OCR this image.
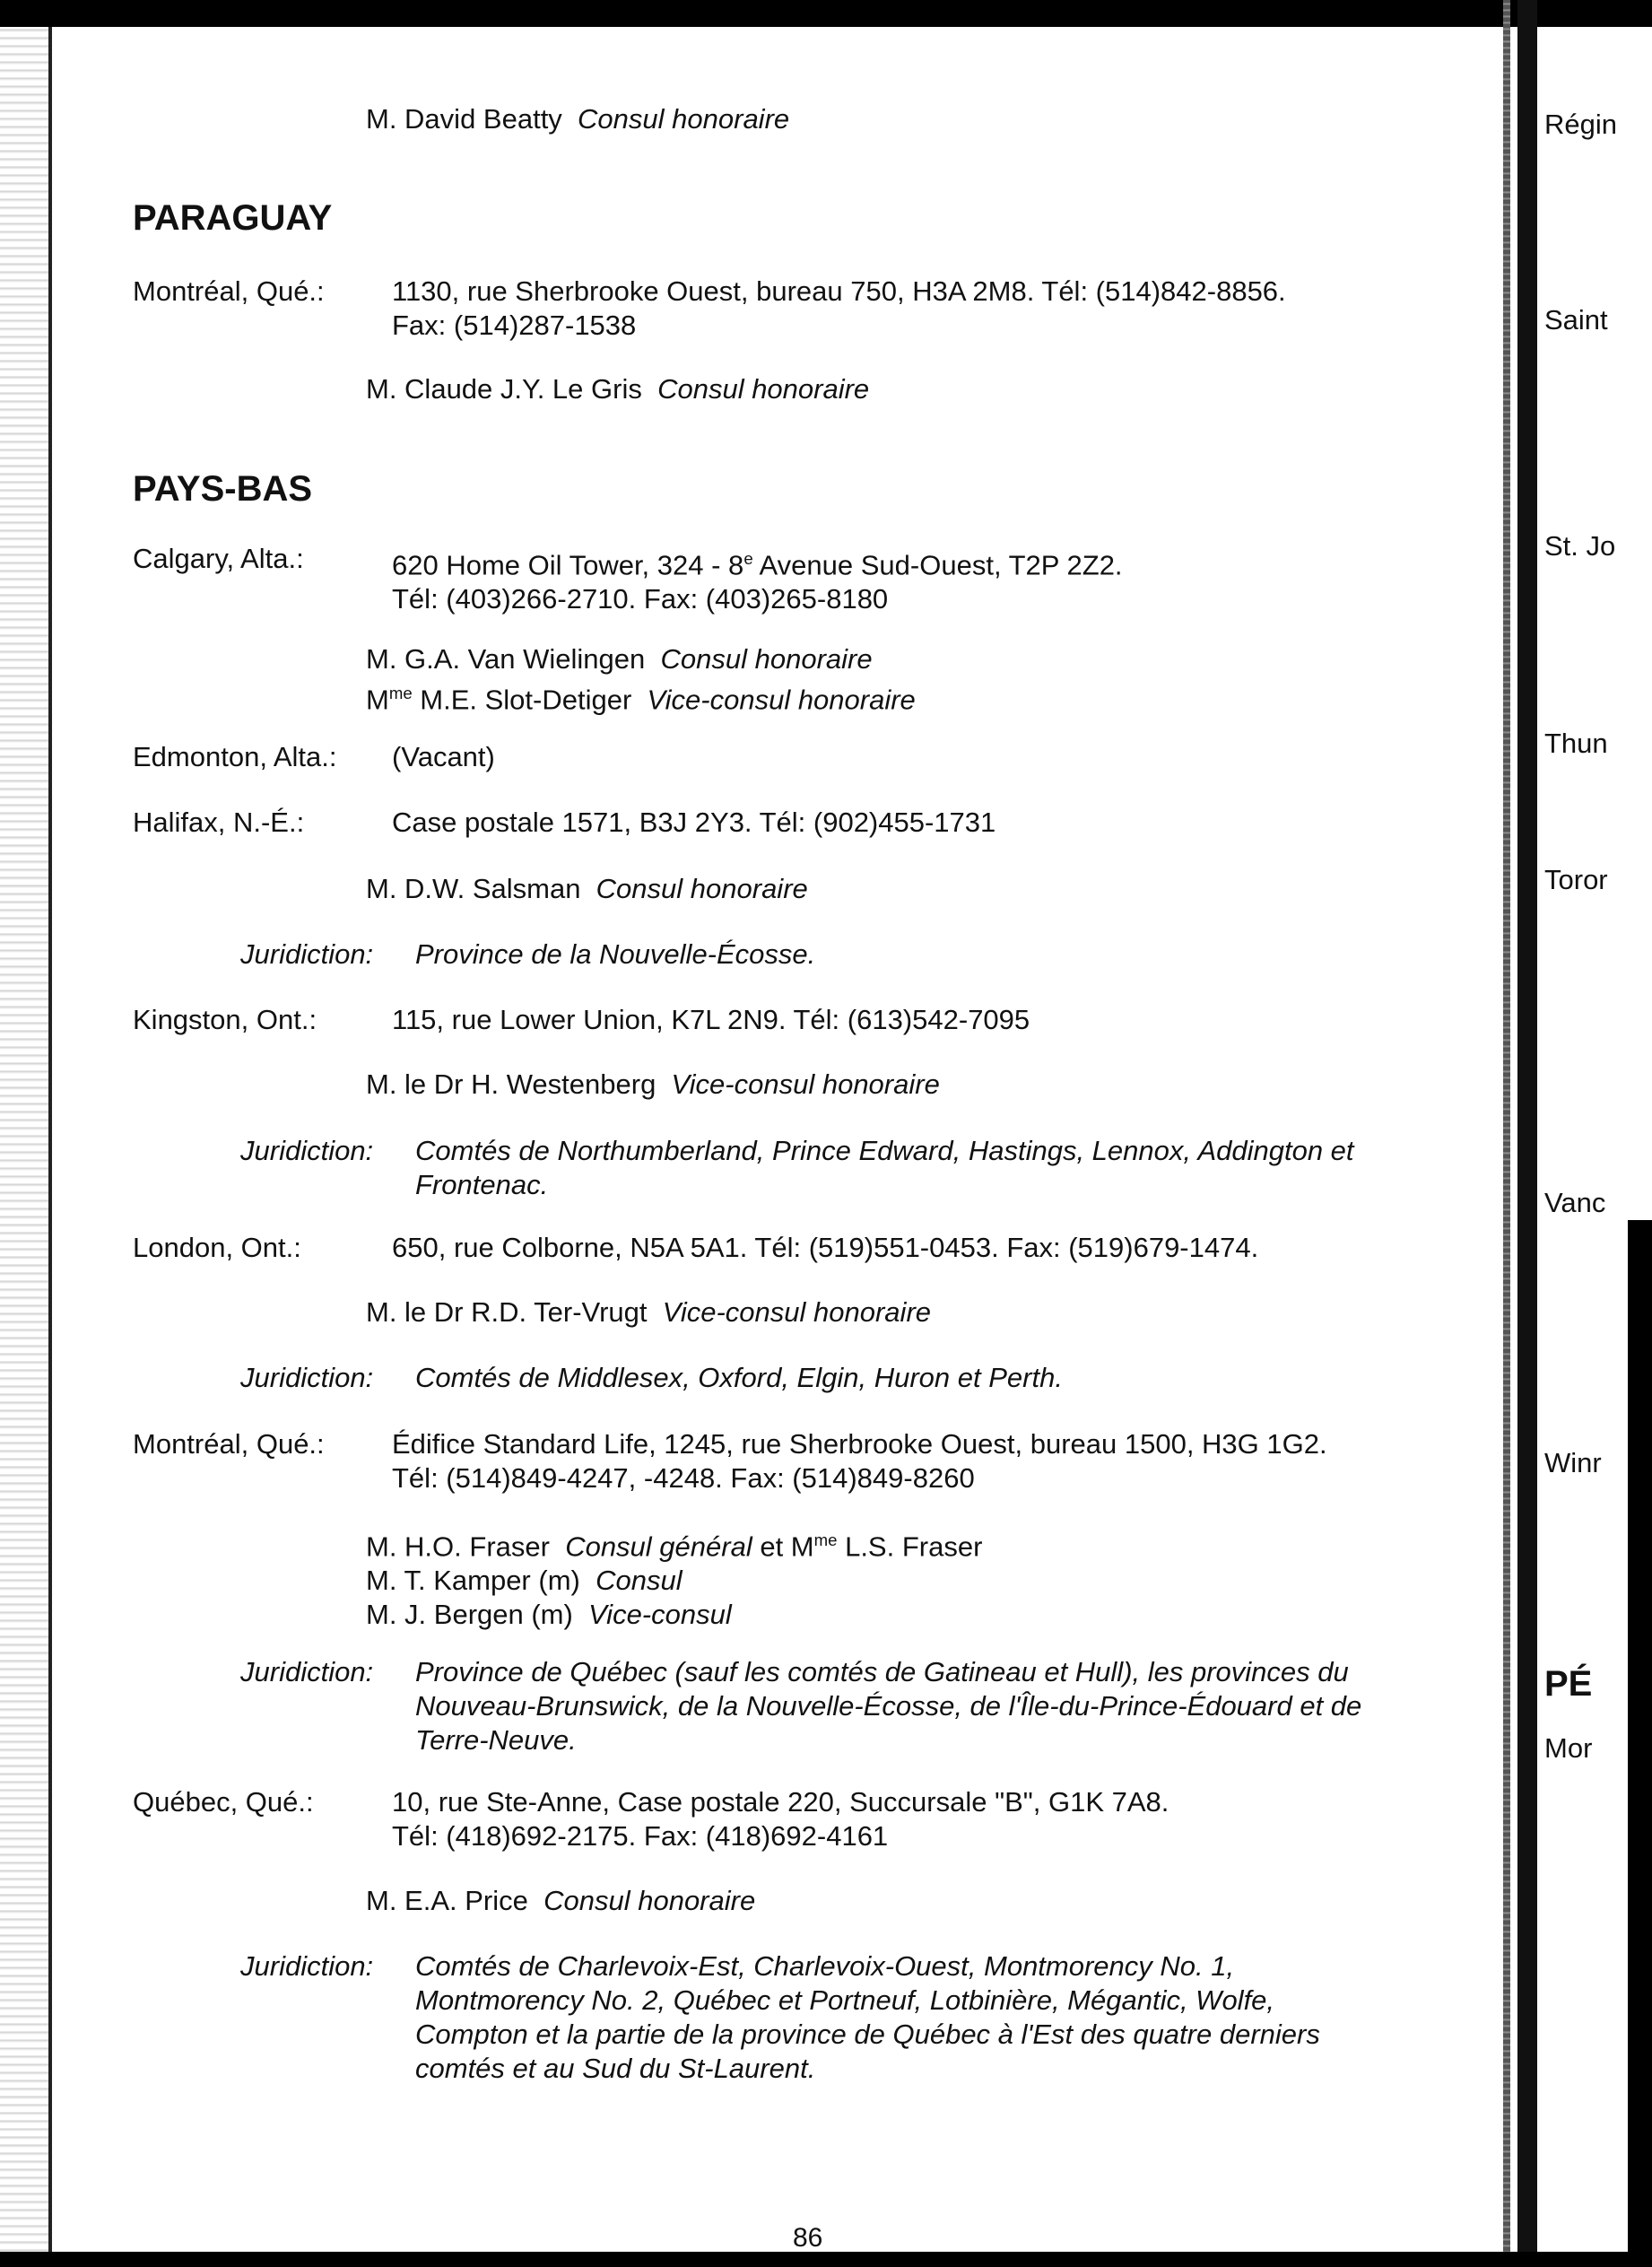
M. David Beatty Consul honoraire
PARAGUAY
Montréal, Qué.: 1130, rue Sherbrooke Ouest, bureau 750, H3A 2M8. Tél: (514)842-8856.
Fax: (514)287-1538
M. Claude J.Y. Le Gris Consul honoraire
PAYS-BAS
Calgary, Alta.:	620 Home Oil Tower, 324 - 8e Avenue Sud-Ouest, T2P 2Z2.
Tél: (403)266-2710. Fax: (403)265-8180
M. G.A. Van Wielingen Consul honoraire
$M^{me}$ M.E. Slot-Detiger Vice-consul honoraire
Edmonton, Alta.: (Vacant)
Halifax, N.-É.:	Case postale 1571, B3J 2Y3. Tél: (902)455-1731
M. D.W. Salsman Consul honoraire
Juridiction: Province de la Nouvelle-Écosse.
Kingston, Ont.:	115, rue Lower Union, K7L 2N9. Tél: (613)542-7095
M. le Dr H. Westenberg Vice-consul honoraire
Juridiction: Comtés de Northumberland, Prince Edward, Hastings, Lennox, Addington et
Frontenac.
London, Ont.:	650, rue Colborne, N5A 5A1. Tél: (519)551-0453. Fax: (519)679-1474.
M. le Dr R.D. Ter-Vrugt Vice-consul honoraire
Juridiction: Comtés de Middlesex, Oxford, Elgin, Huron et Perth.
Montréal, Qué.: Édifice Standard Life, 1245, rue Sherbrooke Ouest, bureau 1500, H3G 1G2.
Tél: (514)849-4247, -4248. Fax: (514)849-8260
M. H.O. Fraser Consul général et $M^{me}$ L.S. Fraser
M. T. Kamper (m) Consul
M. J. Bergen (m) Vice-consul
Juridiction: Province de Québec (sauf les comtés de Gatineau et Hull), les provinces du
Nouveau-Brunswick, de la Nouvelle-Écosse, de l'Île-du-Prince-Édouard et de
Terre-Neuve.
Québec, Qué.:	10, rue Ste-Anne, Case postale 220, Succursale "B", G1K 7A8.
Tél: (418)692-2175. Fax: (418)692-4161
M. E.A. Price Consul honoraire
Juridiction: Comtés de Charlevoix-Est, Charlevoix-Ouest, Montmorency No. 1,
Montmorency No. 2, Québec et Portneuf, Lotbinière, Mégantic, Wolfe,
Compton et la partie de la province de Québec à l'Est des quatre derniers
comtés et au Sud du St-Laurent.
86
Régin
Saint
St. Jo
Thun
Toror
Vanc
Winr
PÉ
Mor
